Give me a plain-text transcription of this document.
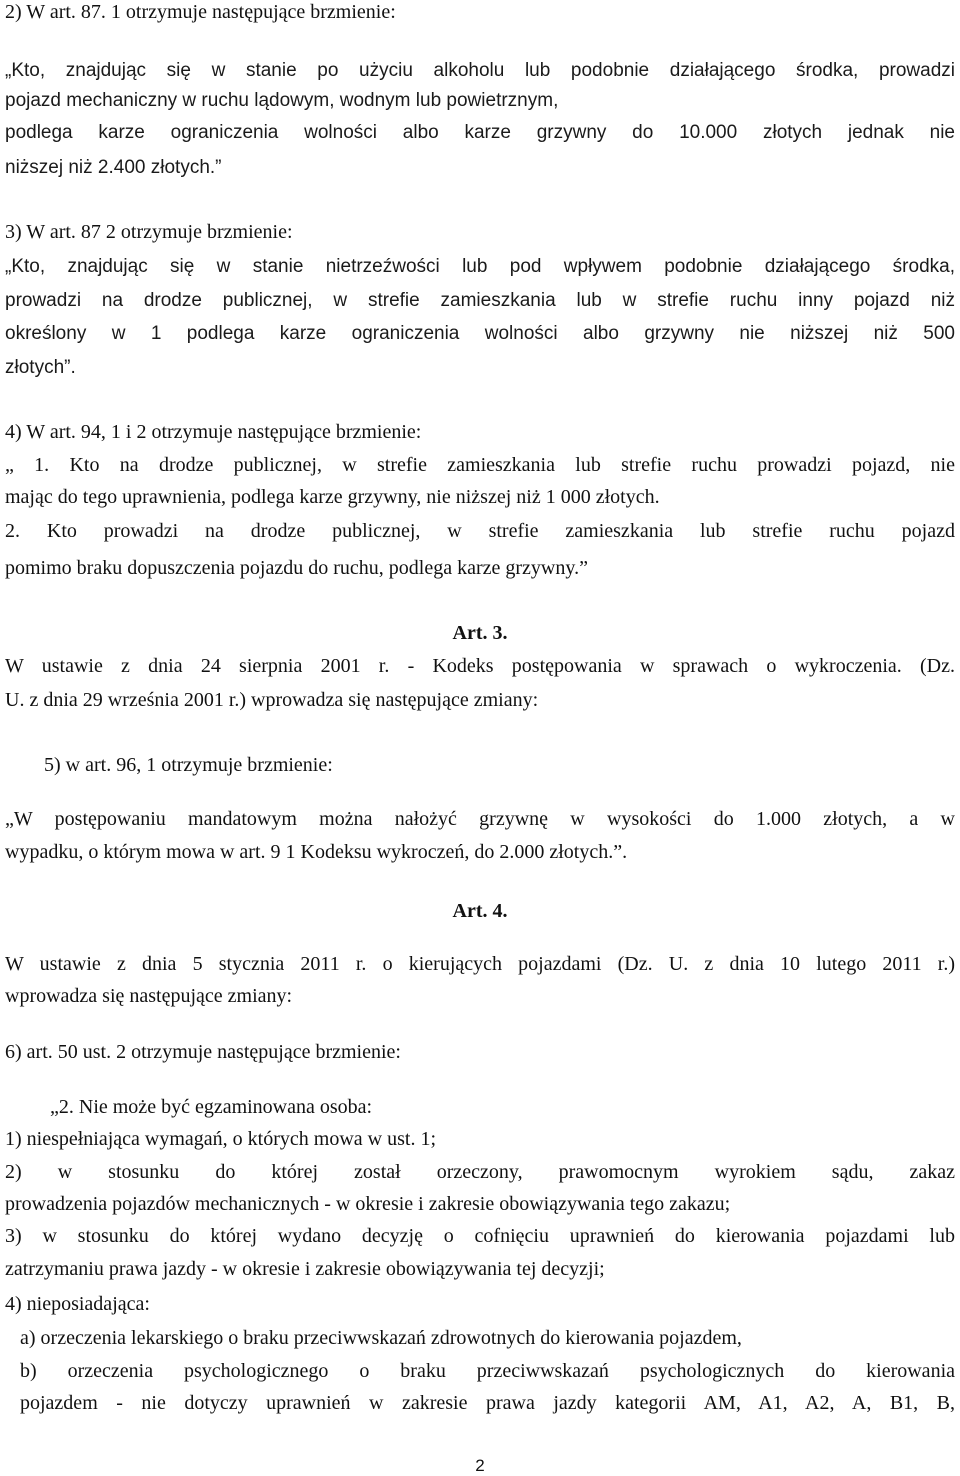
2) W art. 87. 1 otrzymuje następujące brzmienie:
„Kto, znajdując się w stanie po użyciu alkoholu lub podobnie działającego środka, prowadzi
pojazd mechaniczny w ruchu lądowym, wodnym lub powietrznym,
podlega karze ograniczenia wolności albo karze grzywny do 10.000 złotych jednak nie
niższej niż 2.400 złotych.”
3) W art. 87 2 otrzymuje brzmienie:
„Kto, znajdując się w stanie nietrzeźwości lub pod wpływem podobnie działającego środka,
prowadzi na drodze publicznej, w strefie zamieszkania lub w strefie ruchu inny pojazd niż
określony w 1 podlega karze ograniczenia wolności albo grzywny nie niższej niż 500
złotych”.
4) W art. 94, 1 i 2 otrzymuje następujące brzmienie:
„ 1. Kto na drodze publicznej, w strefie zamieszkania lub strefie ruchu prowadzi pojazd, nie
mając do tego uprawnienia, podlega karze grzywny, nie niższej niż 1 000 złotych.
2. Kto prowadzi na drodze publicznej, w strefie zamieszkania lub strefie ruchu pojazd
pomimo braku dopuszczenia pojazdu do ruchu, podlega karze grzywny.”
Art. 3.
W ustawie z dnia 24 sierpnia 2001 r. - Kodeks postępowania w sprawach o wykroczenia. (Dz.
U. z dnia 29 września 2001 r.) wprowadza się następujące zmiany:
5) w art. 96, 1 otrzymuje brzmienie:
„W postępowaniu mandatowym można nałożyć grzywnę w wysokości do 1.000 złotych, a w
wypadku, o którym mowa w art. 9 1 Kodeksu wykroczeń, do 2.000 złotych.”.
Art. 4.
W ustawie z dnia 5 stycznia 2011 r. o kierujących pojazdami (Dz. U. z dnia 10 lutego 2011 r.)
wprowadza się następujące zmiany:
6) art. 50 ust. 2 otrzymuje następujące brzmienie:
„2. Nie może być egzaminowana osoba:
1) niespełniająca wymagań, o których mowa w ust. 1;
2) w stosunku do której został orzeczony, prawomocnym wyrokiem sądu, zakaz
prowadzenia pojazdów mechanicznych - w okresie i zakresie obowiązywania tego zakazu;
3) w stosunku do której wydano decyzję o cofnięciu uprawnień do kierowania pojazdami lub
zatrzymaniu prawa jazdy - w okresie i zakresie obowiązywania tej decyzji;
4) nieposiadająca:
a) orzeczenia lekarskiego o braku przeciwwskazań zdrowotnych do kierowania pojazdem,
b) orzeczenia psychologicznego o braku przeciwwskazań psychologicznych do kierowania
pojazdem - nie dotyczy uprawnień w zakresie prawa jazdy kategorii AM, A1, A2, A, B1, B,
2
